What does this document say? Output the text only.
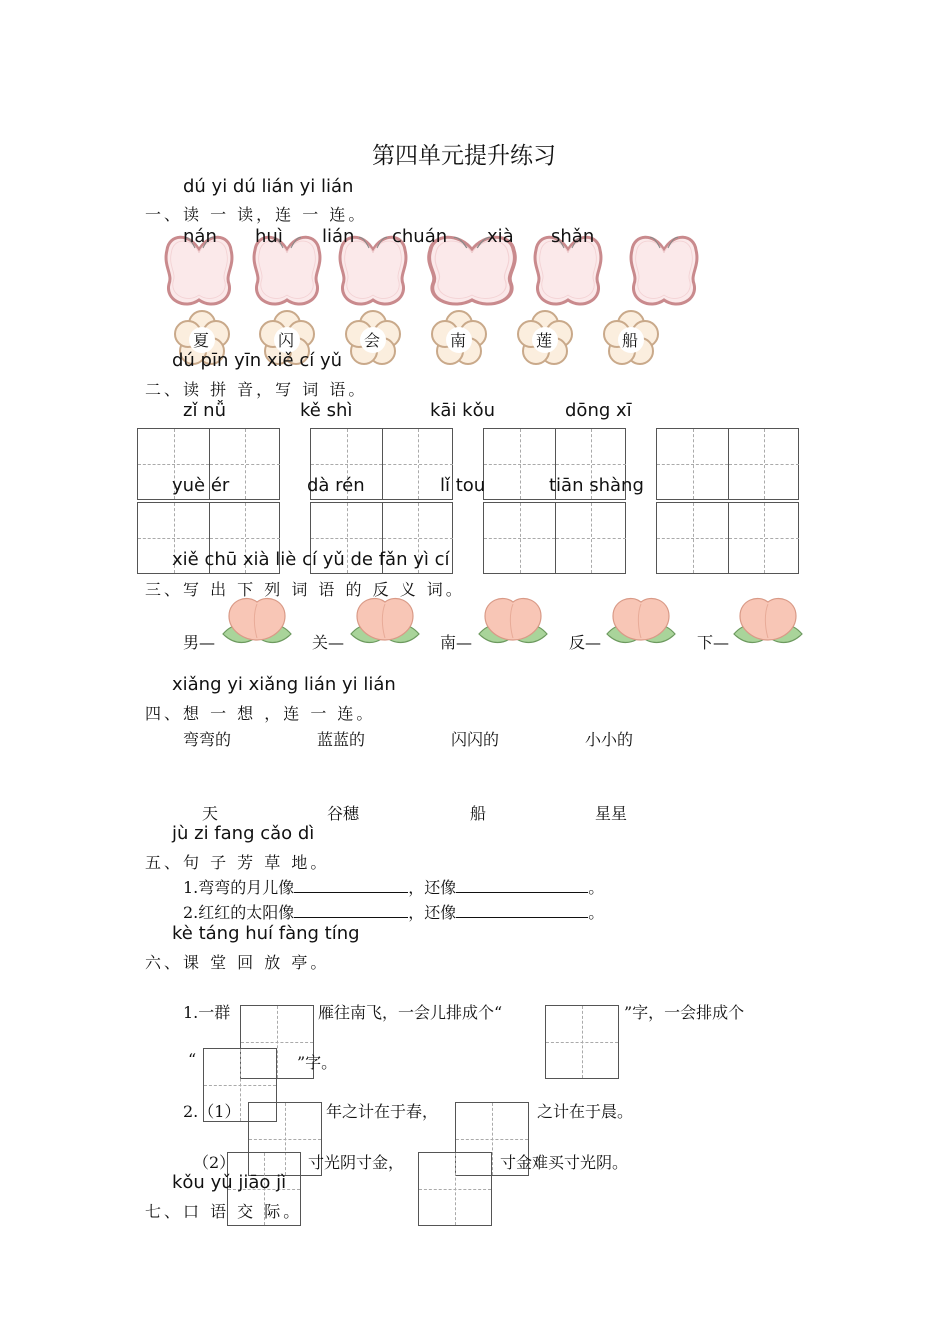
第四单元提升练习
dú yi dú lián yi lián
一、读 一 读，连 一 连。
nán huì lián chuán xià shǎn
夏	闪	会	南	莲	船
dú pīn yīn xiě cí yǔ
二、读 拼 音，写 词 语。
zǐ nǚ	kě shì	kāi kǒu	dōng xī
yuè ér	dà rén	lǐ tou	tiān shàng
xiě chū xià liè cí yǔ de fǎn yì cí
三、写 出 下 列 词 语 的 反 义 词。
男—	关—	南—	反—	下—
xiǎng yi xiǎng lián yi lián
四、想 一 想 ，连 一 连。
弯弯的	蓝蓝的	闪闪的	小小的
天	谷穗	船	星星
jù zi fang cǎo dì
五、句 子 芳 草 地。
1.弯弯的月儿像	，还像	。
2.红红的太阳像	，还像	。
kè táng huí fàng tíng
六、课 堂 回 放 亭。
1.一群	雁往南飞，一会儿排成个“	”字，一会排成个
“	”字。
2.（1）	年之计在于春，	之计在于晨。
（2）	寸光阴寸金，	寸金难买寸光阴。
kǒu yǔ jiāo jì
七、口 语 交 际。
